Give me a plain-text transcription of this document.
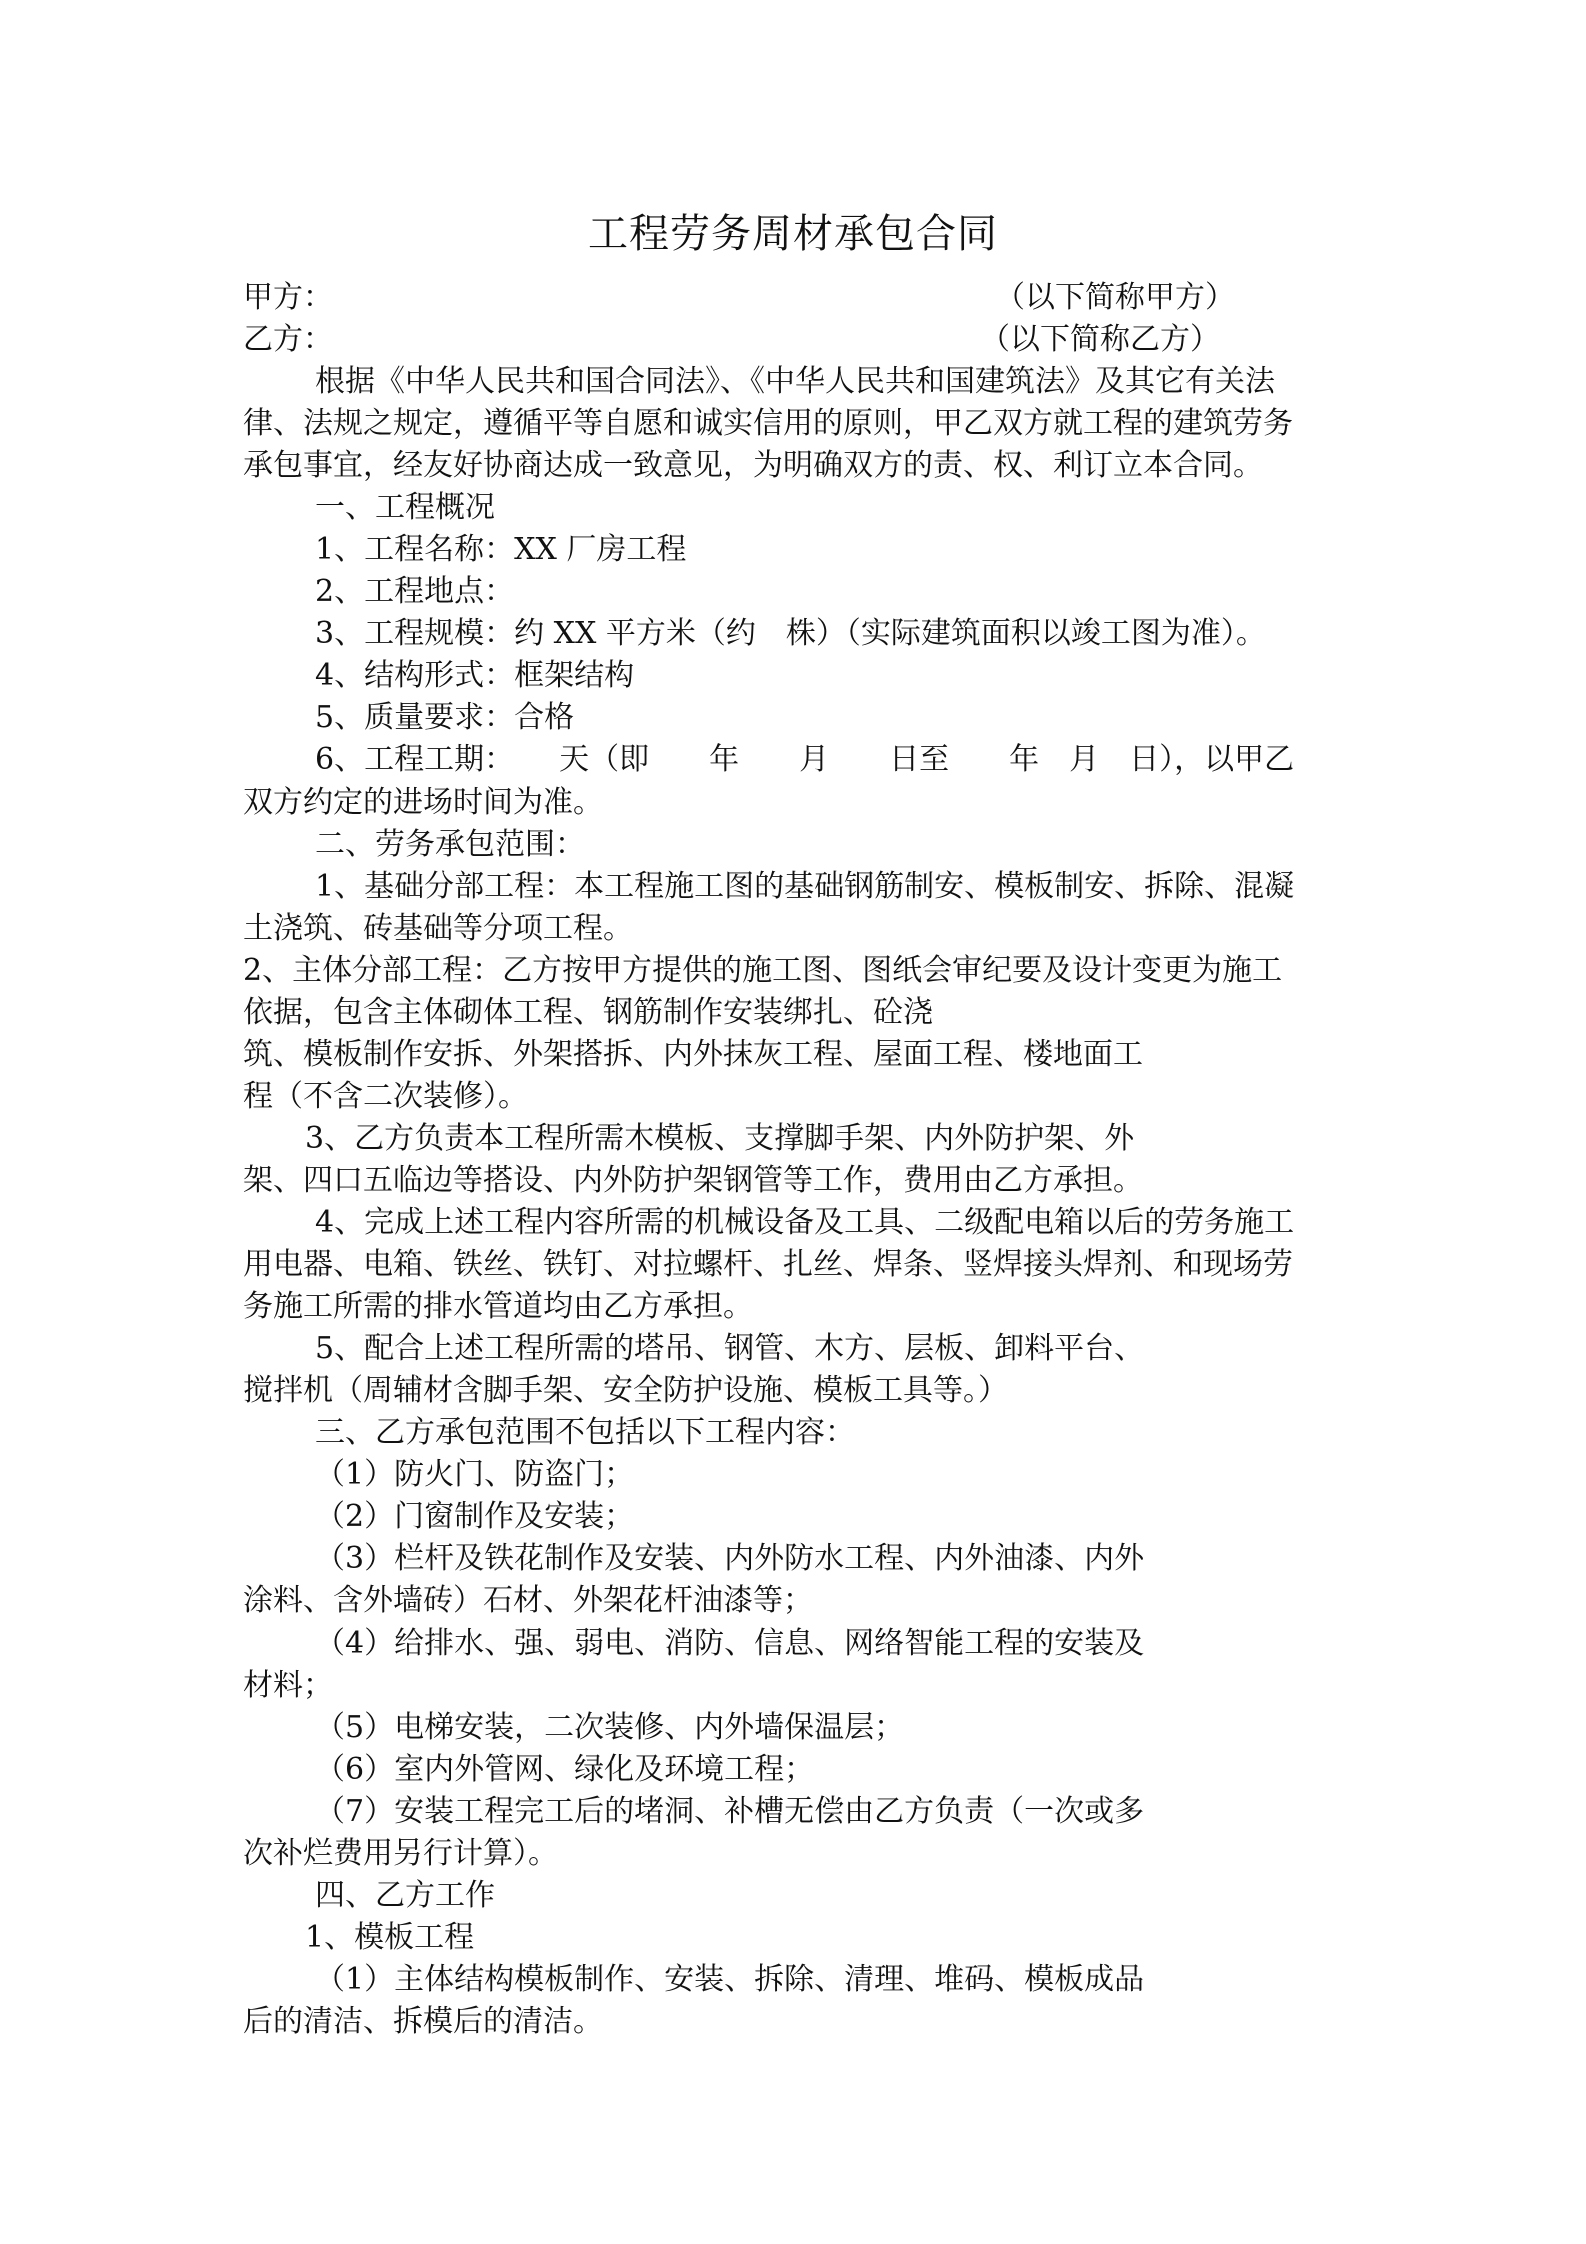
工程劳务周材承包合同
甲方：	（以下简称甲方）
乙方：	（以下简称乙方）
根据《中华人民共和国合同法》、《中华人民共和国建筑法》及其它有关法
律、法规之规定，遵循平等自愿和诚实信用的原则，甲乙双方就工程的建筑劳务
承包事宜，经友好协商达成一致意见，为明确双方的责、权、利订立本合同。
一、工程概况
1、工程名称：XX 厂房工程
2、工程地点：
3、工程规模：约 XX 平方米（约　株）（实际建筑面积以竣工图为准）。
4、结构形式：框架结构
5、质量要求：合格
6、工程工期：　　天（即　　年　　月　　日至　　年　月　日），以甲乙
双方约定的进场时间为准。
二、劳务承包范围：
1、基础分部工程：本工程施工图的基础钢筋制安、模板制安、拆除、混凝
土浇筑、砖基础等分项工程。
2、主体分部工程：乙方按甲方提供的施工图、图纸会审纪要及设计变更为施工
依据，包含主体砌体工程、钢筋制作安装绑扎、砼浇
筑、模板制作安拆、外架搭拆、内外抹灰工程、屋面工程、楼地面工
程（不含二次装修）。
3、乙方负责本工程所需木模板、支撑脚手架、内外防护架、外
架、四口五临边等搭设、内外防护架钢管等工作，费用由乙方承担。
4、完成上述工程内容所需的机械设备及工具、二级配电箱以后的劳务施工
用电器、电箱、铁丝、铁钉、对拉螺杆、扎丝、焊条、竖焊接头焊剂、和现场劳
务施工所需的排水管道均由乙方承担。
5、配合上述工程所需的塔吊、钢管、木方、层板、卸料平台、
搅拌机（周辅材含脚手架、安全防护设施、模板工具等。）
三、乙方承包范围不包括以下工程内容：
（1）防火门、防盗门；
（2）门窗制作及安装；
（3）栏杆及铁花制作及安装、内外防水工程、内外油漆、内外
涂料、含外墙砖）石材、外架花杆油漆等；
（4）给排水、强、弱电、消防、信息、网络智能工程的安装及
材料；
（5）电梯安装，二次装修、内外墙保温层；
（6）室内外管网、绿化及环境工程；
（7）安装工程完工后的堵洞、补槽无偿由乙方负责（一次或多
次补烂费用另行计算）。
四、乙方工作
1、模板工程
（1）主体结构模板制作、安装、拆除、清理、堆码、模板成品
后的清洁、拆模后的清洁。
